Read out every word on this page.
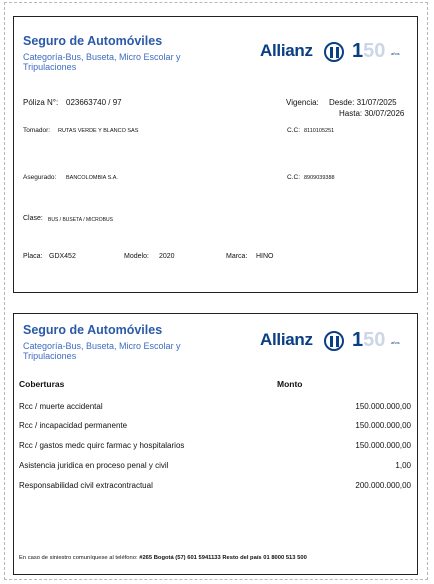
Seguro de Automóviles
Categoría-Bus, Buseta, Micro Escolar y Tripulaciones
Allianz 150 años
Póliza N°: 023663740 / 97	Vigencia: Desde: 31/07/2025
Hasta: 30/07/2026
Tomador: RUTAS VERDE Y BLANCO SAS	C.C: 8110105251
Asegurado: BANCOLOMBIA S.A.	C.C: 8909039388
Clase: BUS / BUSETA / MICROBUS
Placa: GDX452	Modelo: 2020	Marca: HINO
Seguro de Automóviles
Categoría-Bus, Buseta, Micro Escolar y Tripulaciones
Allianz 150 años
Coberturas	Monto
Rcc / muerte accidental	150.000.000,00
Rcc / incapacidad permanente	150.000.000,00
Rcc / gastos medc quirc farmac y hospitalarios	150.000.000,00
Asistencia juridica en proceso penal y civil	1,00
Responsabilidad civil extracontractual	200.000.000,00
En caso de siniestro comuníquese al teléfono: #265 Bogotá (57) 601 5941133 Resto del país 01 8000 513 500
